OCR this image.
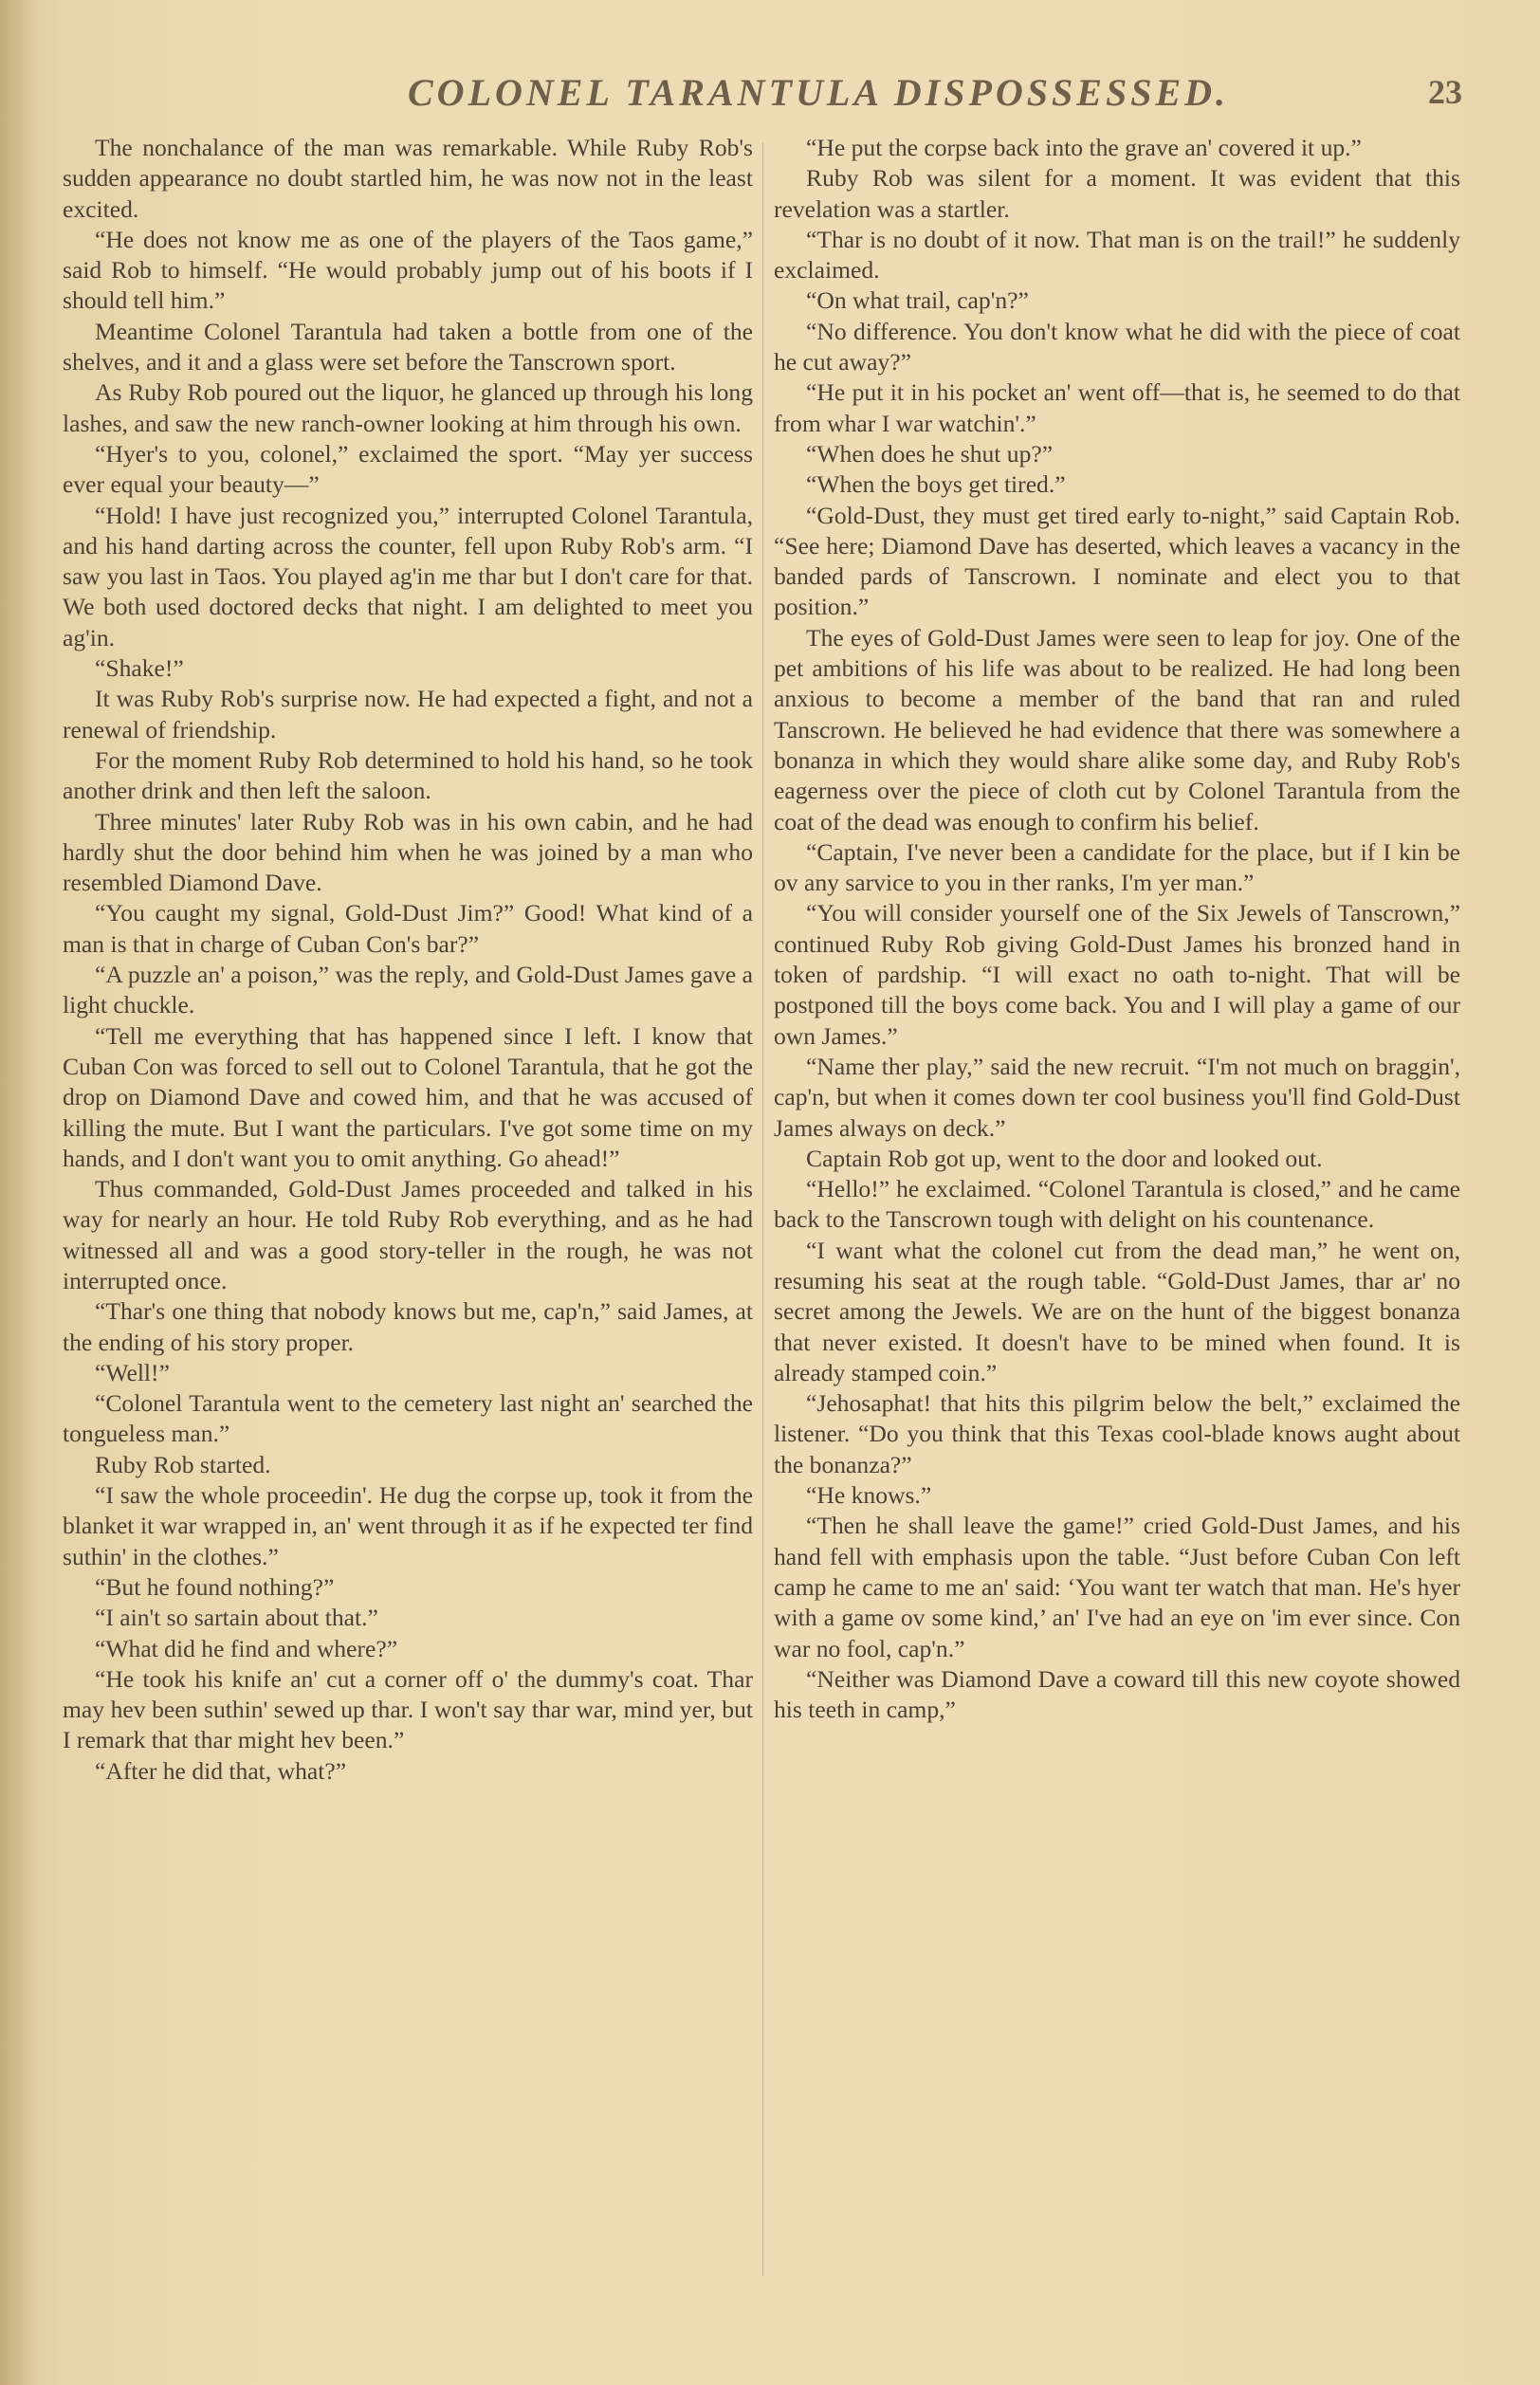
COLONEL TARANTULA DISPOSSESSED.	23

The nonchalance of the man was remarkable. While Ruby Rob's sudden appearance no doubt startled him, he was now not in the least excited.

“He does not know me as one of the players of the Taos game,” said Rob to himself. “He would probably jump out of his boots if I should tell him.”

Meantime Colonel Tarantula had taken a bottle from one of the shelves, and it and a glass were set before the Tanscrown sport.

As Ruby Rob poured out the liquor, he glanced up through his long lashes, and saw the new ranch-owner looking at him through his own.

“Hyer's to you, colonel,” exclaimed the sport. “May yer success ever equal your beauty—”

“Hold! I have just recognized you,” interrupted Colonel Tarantula, and his hand darting across the counter, fell upon Ruby Rob's arm. “I saw you last in Taos. You played ag'in me thar but I don't care for that. We both used doctored decks that night. I am delighted to meet you ag'in.

“Shake!”

It was Ruby Rob's surprise now. He had expected a fight, and not a renewal of friendship.

For the moment Ruby Rob determined to hold his hand, so he took another drink and then left the saloon.

Three minutes' later Ruby Rob was in his own cabin, and he had hardly shut the door behind him when he was joined by a man who resembled Diamond Dave.

“You caught my signal, Gold-Dust Jim?” Good! What kind of a man is that in charge of Cuban Con's bar?”

“A puzzle an' a poison,” was the reply, and Gold-Dust James gave a light chuckle.

“Tell me everything that has happened since I left. I know that Cuban Con was forced to sell out to Colonel Tarantula, that he got the drop on Diamond Dave and cowed him, and that he was accused of killing the mute. But I want the particulars. I've got some time on my hands, and I don't want you to omit anything. Go ahead!”

Thus commanded, Gold-Dust James proceeded and talked in his way for nearly an hour. He told Ruby Rob everything, and as he had witnessed all and was a good story-teller in the rough, he was not interrupted once.

“Thar's one thing that nobody knows but me, cap'n,” said James, at the ending of his story proper.

“Well!”

“Colonel Tarantula went to the cemetery last night an' searched the tongueless man.”

Ruby Rob started.

“I saw the whole proceedin'. He dug the corpse up, took it from the blanket it war wrapped in, an' went through it as if he expected ter find suthin' in the clothes.”

“But he found nothing?”

“I ain't so sartain about that.”

“What did he find and where?”

“He took his knife an' cut a corner off o' the dummy's coat. Thar may hev been suthin' sewed up thar. I won't say thar war, mind yer, but I remark that thar might hev been.”

“After he did that, what?”

“He put the corpse back into the grave an' covered it up.”

Ruby Rob was silent for a moment. It was evident that this revelation was a startler.

“Thar is no doubt of it now. That man is on the trail!” he suddenly exclaimed.

“On what trail, cap'n?”

“No difference. You don't know what he did with the piece of coat he cut away?”

“He put it in his pocket an' went off—that is, he seemed to do that from whar I war watchin'.”

“When does he shut up?”

“When the boys get tired.”

“Gold-Dust, they must get tired early to-night,” said Captain Rob. “See here; Diamond Dave has deserted, which leaves a vacancy in the banded pards of Tanscrown. I nominate and elect you to that position.”

The eyes of Gold-Dust James were seen to leap for joy. One of the pet ambitions of his life was about to be realized. He had long been anxious to become a member of the band that ran and ruled Tanscrown. He believed he had evidence that there was somewhere a bonanza in which they would share alike some day, and Ruby Rob's eagerness over the piece of cloth cut by Colonel Tarantula from the coat of the dead was enough to confirm his belief.

“Captain, I've never been a candidate for the place, but if I kin be ov any sarvice to you in ther ranks, I'm yer man.”

“You will consider yourself one of the Six Jewels of Tanscrown,” continued Ruby Rob giving Gold-Dust James his bronzed hand in token of pardship. “I will exact no oath to-night. That will be postponed till the boys come back. You and I will play a game of our own James.”

“Name ther play,” said the new recruit. “I'm not much on braggin', cap'n, but when it comes down ter cool business you'll find Gold-Dust James always on deck.”

Captain Rob got up, went to the door and looked out.

“Hello!” he exclaimed. “Colonel Tarantula is closed,” and he came back to the Tanscrown tough with delight on his countenance.

“I want what the colonel cut from the dead man,” he went on, resuming his seat at the rough table. “Gold-Dust James, thar ar' no secret among the Jewels. We are on the hunt of the biggest bonanza that never existed. It doesn't have to be mined when found. It is already stamped coin.”

“Jehosaphat! that hits this pilgrim below the belt,” exclaimed the listener. “Do you think that this Texas cool-blade knows aught about the bonanza?”

“He knows.”

“Then he shall leave the game!” cried Gold-Dust James, and his hand fell with emphasis upon the table. “Just before Cuban Con left camp he came to me an' said: ‘You want ter watch that man. He's hyer with a game ov some kind,’ an' I've had an eye on 'im ever since. Con war no fool, cap'n.”

“Neither was Diamond Dave a coward till this new coyote showed his teeth in camp,”
